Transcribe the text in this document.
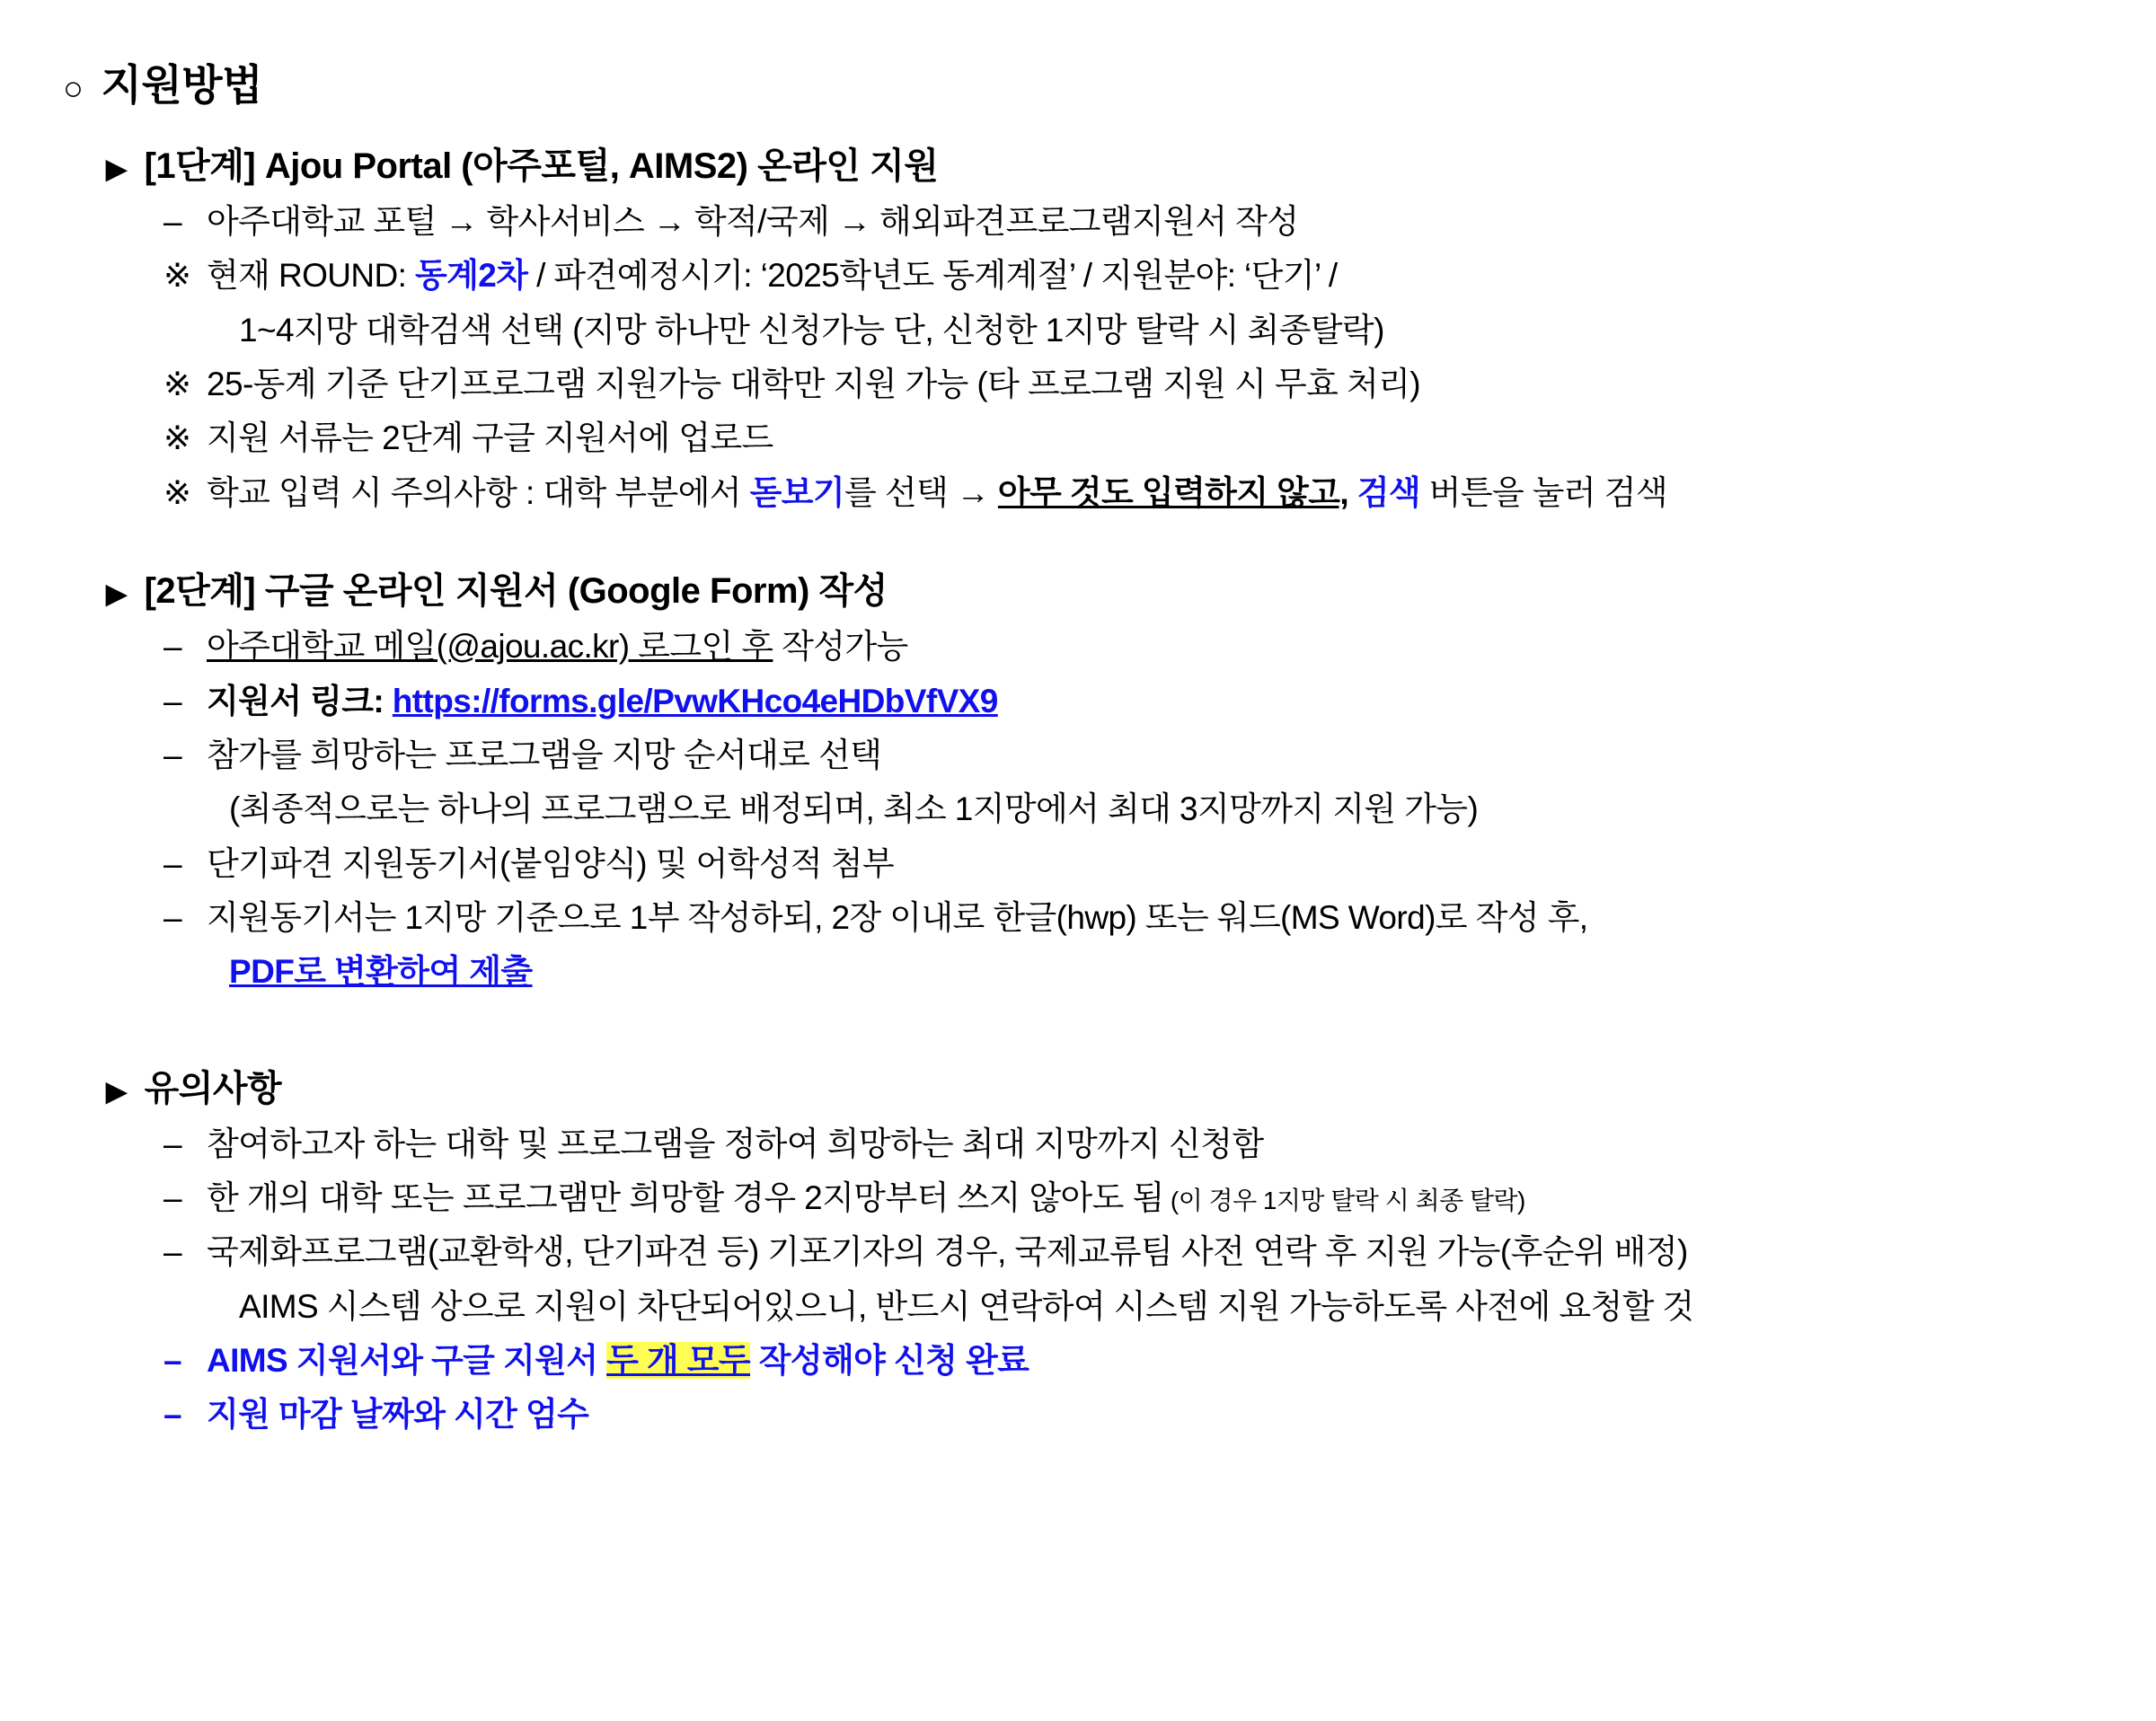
○ 지원방법
▶ [1단계] Ajou Portal (아주포털, AIMS2) 온라인 지원
– 아주대학교 포털 → 학사서비스 → 학적/국제 → 해외파견프로그램지원서 작성
※ 현재 ROUND: 동계2차 / 파견예정시기: ‘2025학년도 동계계절’ / 지원분야: ‘단기’ /
1~4지망 대학검색 선택 (지망 하나만 신청가능 단, 신청한 1지망 탈락 시 최종탈락)
※ 25-동계 기준 단기프로그램 지원가능 대학만 지원 가능 (타 프로그램 지원 시 무효 처리)
※ 지원 서류는 2단계 구글 지원서에 업로드
※ 학교 입력 시 주의사항 : 대학 부분에서 돋보기를 선택 → 아무 것도 입력하지 않고, 검색 버튼을 눌러 검색
▶ [2단계] 구글 온라인 지원서 (Google Form) 작성
– 아주대학교 메일(@ajou.ac.kr) 로그인 후 작성가능
– 지원서 링크: https://forms.gle/PvwKHco4eHDbVfVX9
– 참가를 희망하는 프로그램을 지망 순서대로 선택
(최종적으로는 하나의 프로그램으로 배정되며, 최소 1지망에서 최대 3지망까지 지원 가능)
– 단기파견 지원동기서(붙임양식) 및 어학성적 첨부
– 지원동기서는 1지망 기준으로 1부 작성하되, 2장 이내로 한글(hwp) 또는 워드(MS Word)로 작성 후,
PDF로 변환하여 제출
▶ 유의사항
– 참여하고자 하는 대학 및 프로그램을 정하여 희망하는 최대 지망까지 신청함
– 한 개의 대학 또는 프로그램만 희망할 경우 2지망부터 쓰지 않아도 됨 (이 경우 1지망 탈락 시 최종 탈락)
– 국제화프로그램(교환학생, 단기파견 등) 기포기자의 경우, 국제교류팀 사전 연락 후 지원 가능(후순위 배정)
AIMS 시스템 상으로 지원이 차단되어있으니, 반드시 연락하여 시스템 지원 가능하도록 사전에 요청할 것
– AIMS 지원서와 구글 지원서 두 개 모두 작성해야 신청 완료
– 지원 마감 날짜와 시간 엄수
